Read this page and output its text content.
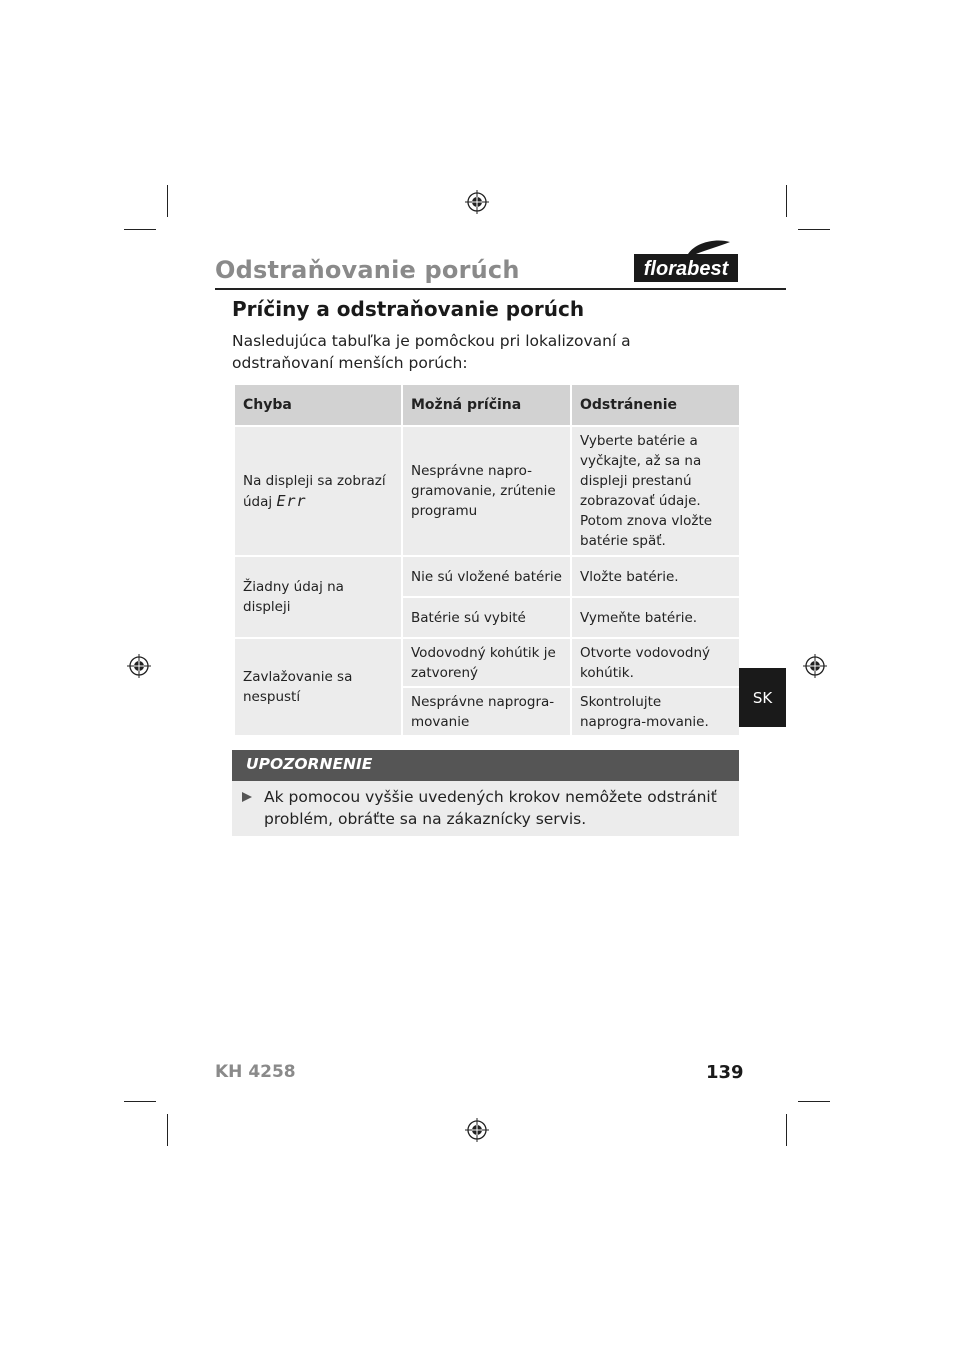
Odstraňovanie porúch	florabest
Príčiny a odstraňovanie porúch
Nasledujúca tabuľka je pomôckou pri lokalizovaní a odstraňovaní menších porúch:
Chyba	Možná príčina	Odstránenie
Na displeji sa zobrazí údaj Err	Nesprávne napro-gramovanie, zrútenie programu	Vyberte batérie a vyčkajte, až sa na displeji prestanú zobrazovať údaje. Potom znova vložte batérie späť.
Žiadny údaj na displeji	Nie sú vložené batérie	Vložte batérie.
	Batérie sú vybité	Vymeňte batérie.
Zavlažovanie sa nespustí	Vodovodný kohútik je zatvorený	Otvorte vodovodný kohútik.
	Nesprávne naprogra-movanie	Skontrolujte naprogra-movanie.
SK
UPOZORNENIE
Ak pomocou vyššie uvedených krokov nemôžete odstrániť problém, obráťte sa na zákaznícky servis.
KH 4258	139
